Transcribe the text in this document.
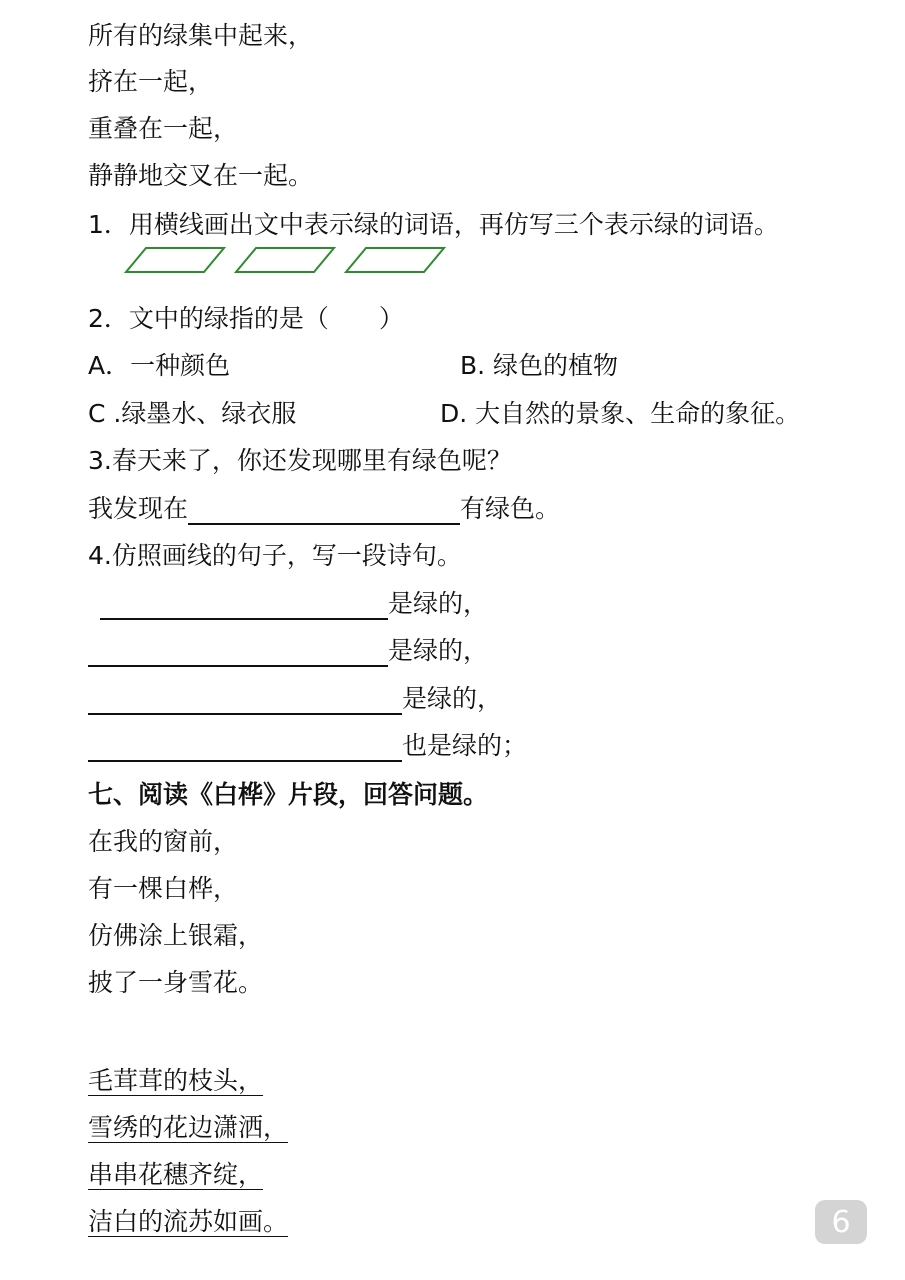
所有的绿集中起来，
挤在一起，
重叠在一起，
静静地交叉在一起。
1．用横线画出文中表示绿的词语，再仿写三个表示绿的词语。
2．文中的绿指的是（　　）
A．一种颜色	B. 绿色的植物
C .绿墨水、绿衣服	D. 大自然的景象、生命的象征。
3.春天来了，你还发现哪里有绿色呢？
我发现在	有绿色。
4.仿照画线的句子，写一段诗句。
是绿的，
是绿的，
是绿的，
也是绿的；
七、阅读《白桦》片段，回答问题。
在我的窗前，
有一棵白桦，
仿佛涂上银霜，
披了一身雪花。
毛茸茸的枝头，
雪绣的花边潇洒，
串串花穗齐绽，
洁白的流苏如画。	6
